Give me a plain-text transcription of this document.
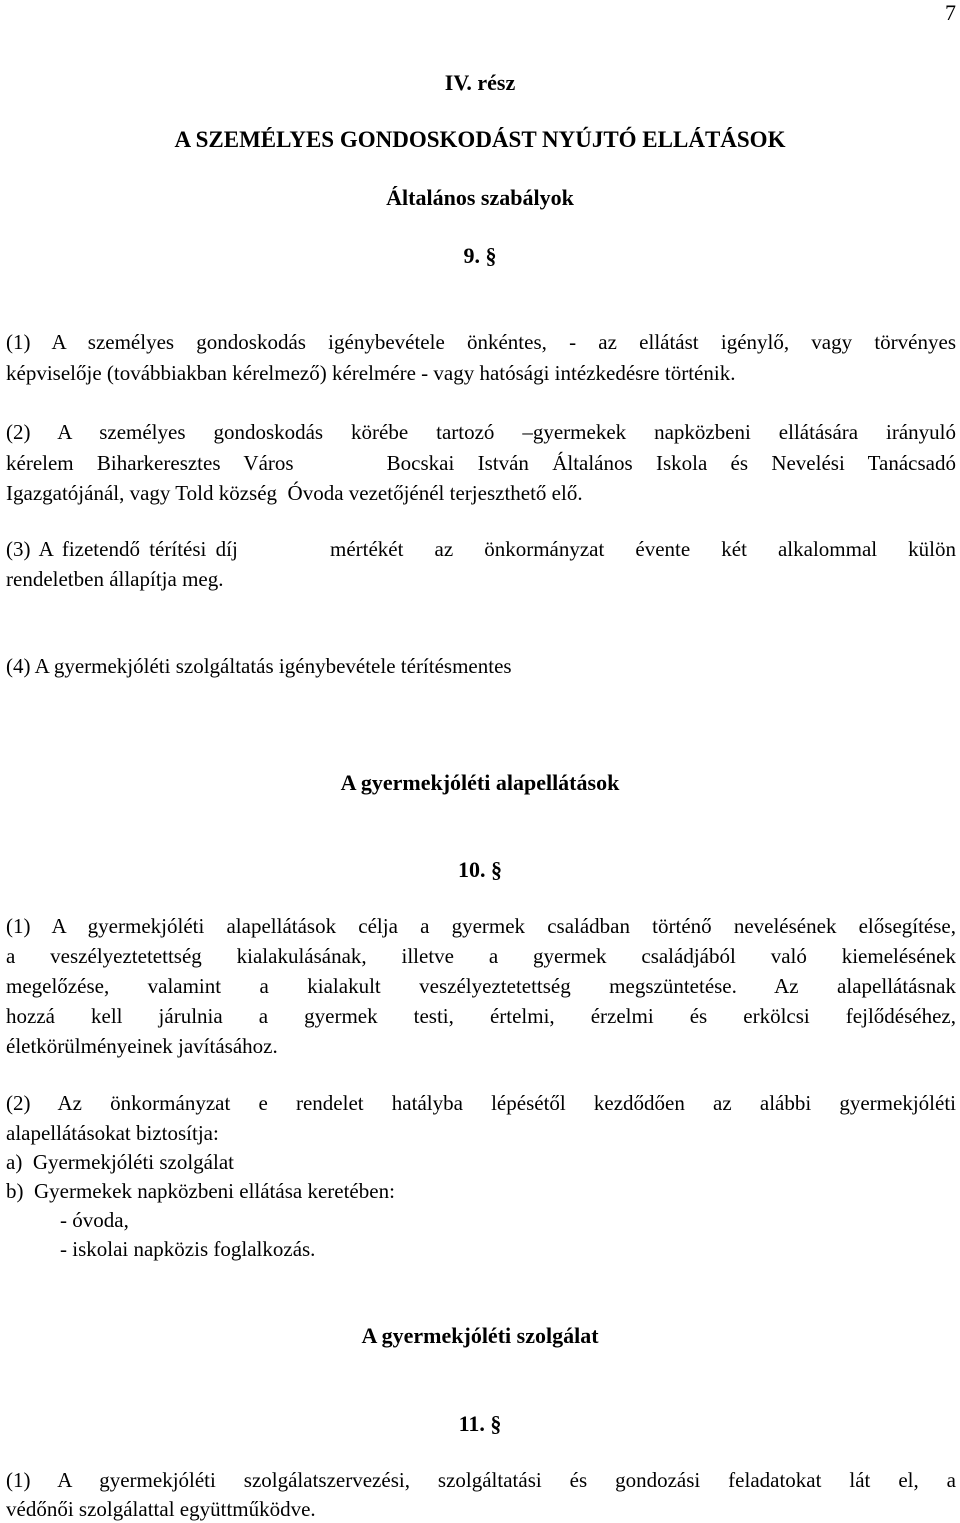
7
IV. rész
A SZEMÉLYES GONDOSKODÁST NYÚJTÓ ELLÁTÁSOK
Általános szabályok
9. §
(1) A személyes gondoskodás igénybevétele önkéntes, - az ellátást igénylő, vagy törvényes
képviselője (továbbiakban kérelmező) kérelmére - vagy hatósági intézkedésre történik.
(2) A személyes gondoskodás körébe tartozó –gyermekek napközbeni ellátására irányuló
kérelem Biharkeresztes Város    Bocskai István Általános Iskola és Nevelési Tanácsadó
Igazgatójánál, vagy Told község  Óvoda vezetőjénél terjeszthető elő.
(3) A fizetendő térítési díj	mértékét az önkormányzat évente két alkalommal külön
rendeletben állapítja meg.
(4) A gyermekjóléti szolgáltatás igénybevétele térítésmentes
A gyermekjóléti alapellátások
10. §
(1) A gyermekjóléti alapellátások célja a gyermek családban történő nevelésének elősegítése,
a veszélyeztetettség kialakulásának, illetve a gyermek családjából való kiemelésének
megelőzése, valamint a kialakult veszélyeztetettség megszüntetése. Az alapellátásnak
hozzá kell járulnia a gyermek testi, értelmi, érzelmi és erkölcsi fejlődéséhez,
életkörülményeinek javításához.
(2) Az önkormányzat e rendelet hatályba lépésétől kezdődően az alábbi gyermekjóléti
alapellátásokat biztosítja:
a)  Gyermekjóléti szolgálat
b)  Gyermekek napközbeni ellátása keretében:
- óvoda,
- iskolai napközis foglalkozás.
A gyermekjóléti szolgálat
11. §
(1) A gyermekjóléti szolgálatszervezési, szolgáltatási és gondozási feladatokat lát el, a
védőnői szolgálattal együttműködve.
